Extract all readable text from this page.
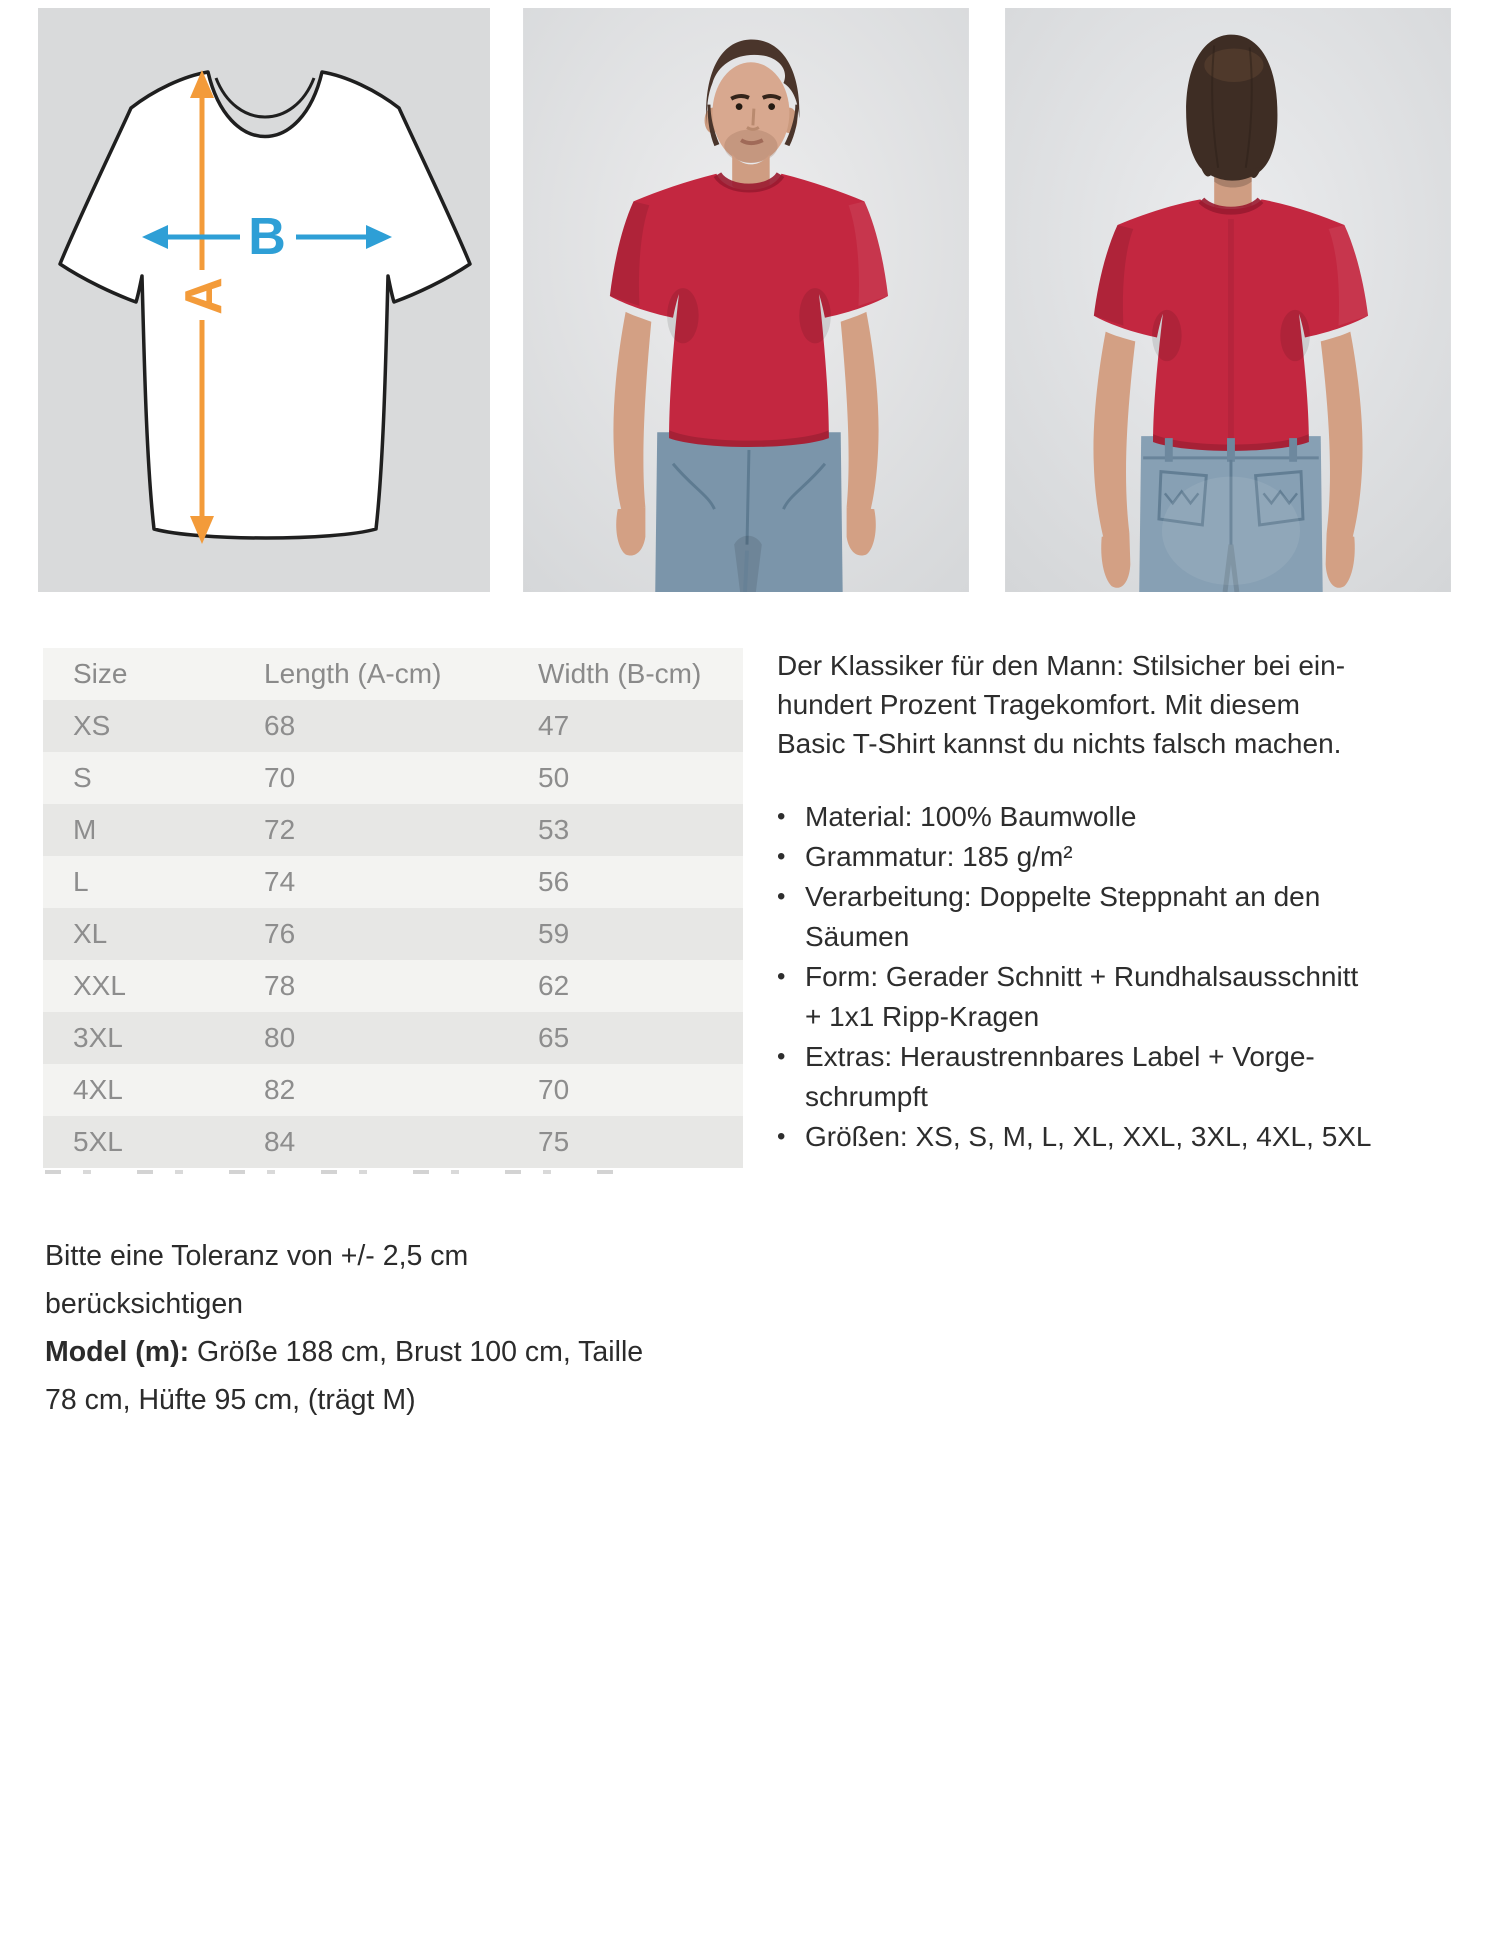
A
B
Size	Length (A-cm)	Width (B-cm)
XS	68	47
S	70	50
M	72	53
L	74	56
XL	76	59
XXL	78	62
3XL	80	65
4XL	82	70
5XL	84	75
Der Klassiker für den Mann: Stilsicher bei ein-
hundert Prozent Tragekomfort. Mit diesem
Basic T-Shirt kannst du nichts falsch machen.
• Material: 100% Baumwolle
• Grammatur: 185 g/m²
• Verarbeitung: Doppelte Steppnaht an den
Säumen
• Form: Gerader Schnitt + Rundhalsausschnitt
+ 1x1 Ripp-Kragen
• Extras: Heraustrennbares Label + Vorge-
schrumpft
• Größen: XS, S, M, L, XL, XXL, 3XL, 4XL, 5XL

Bitte eine Toleranz von +/- 2,5 cm berücksichtigen

Model (m): Größe 188 cm, Brust 100 cm, Taille

78 cm, Hüfte 95 cm, (trägt M)
